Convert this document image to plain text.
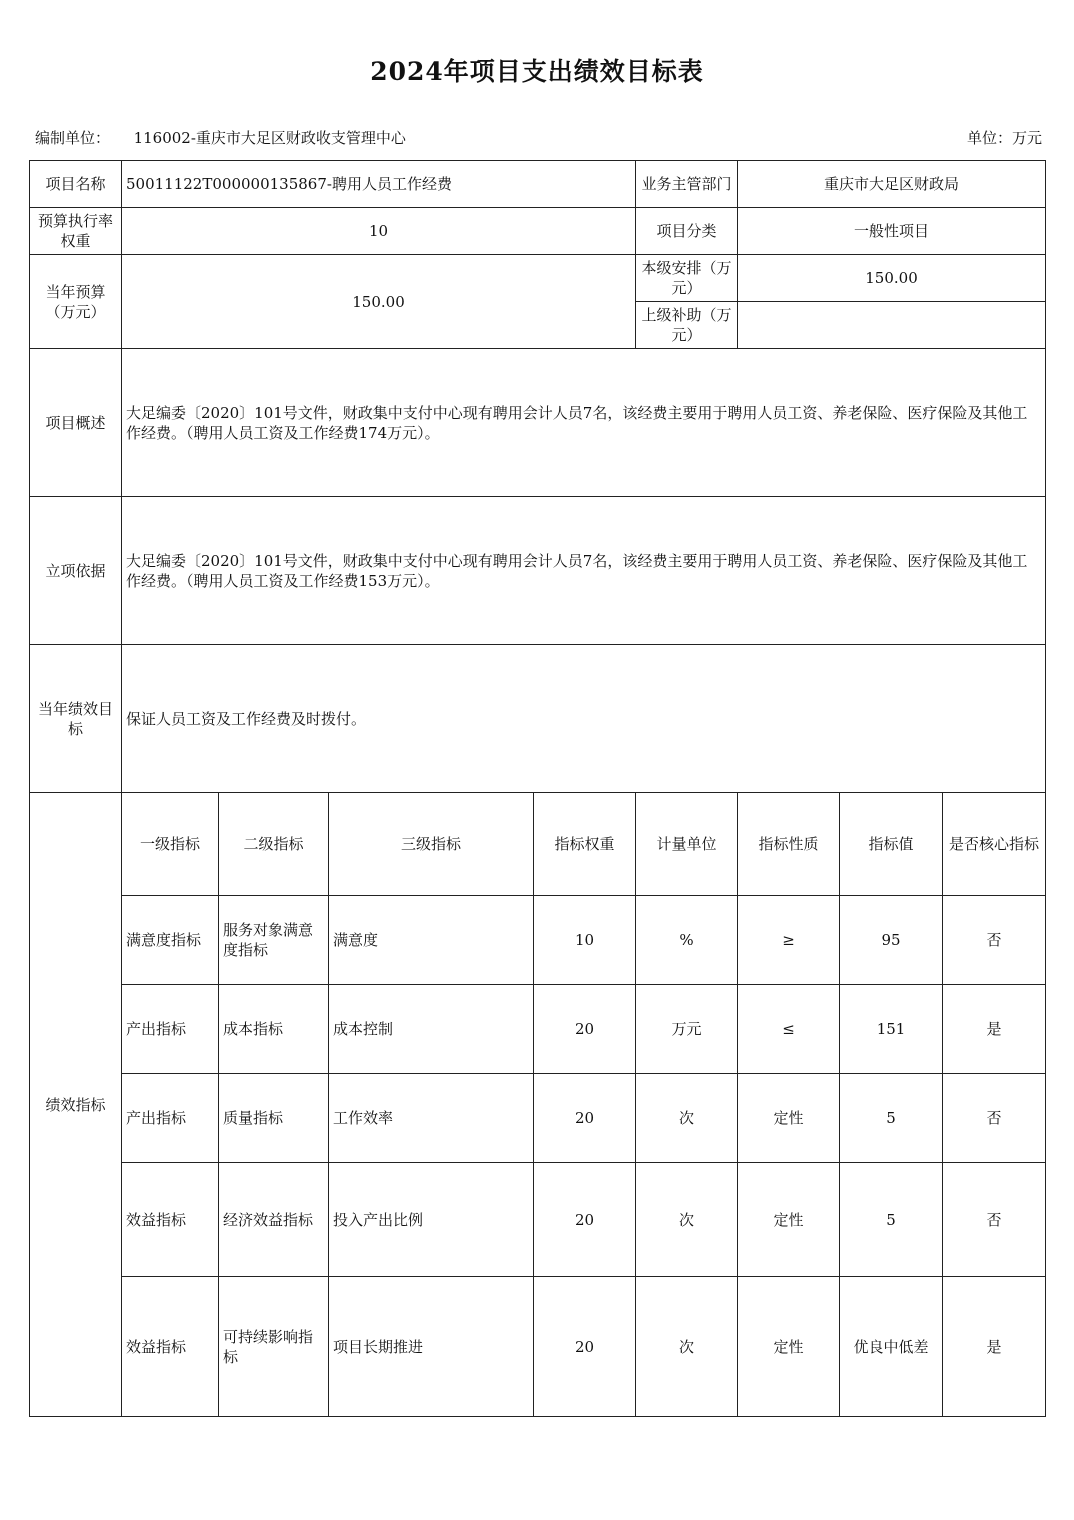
2024年项目支出绩效目标表
编制单位： 116002-重庆市大足区财政收支管理中心	单位：万元
项目名称	50011122T000000135867-聘用人员工作经费				业务主管部门	重庆市大足区财政局		
预算执行率权重	10				项目分类	一般性项目		
当年预算（万元）	150.00				本级安排（万元）	150.00		
					上级补助（万元）			
项目概述	大足编委〔2020〕101号文件，财政集中支付中心现有聘用会计人员7名，该经费主要用于聘用人员工资、养老保险、医疗保险及其他工作经费。（聘用人员工资及工作经费174万元）。							
立项依据	大足编委〔2020〕101号文件，财政集中支付中心现有聘用会计人员7名，该经费主要用于聘用人员工资、养老保险、医疗保险及其他工作经费。（聘用人员工资及工作经费153万元）。							
当年绩效目标	保证人员工资及工作经费及时拨付。							
绩效指标	一级指标	二级指标	三级指标	指标权重	计量单位	指标性质	指标值	是否核心指标
	满意度指标	服务对象满意度指标	满意度	10	%	≥	95	否
	产出指标	成本指标	成本控制	20	万元	≤	151	是
	产出指标	质量指标	工作效率	20	次	定性	5	否
	效益指标	经济效益指标	投入产出比例	20	次	定性	5	否
	效益指标	可持续影响指标	项目长期推进	20	次	定性	优良中低差	是
